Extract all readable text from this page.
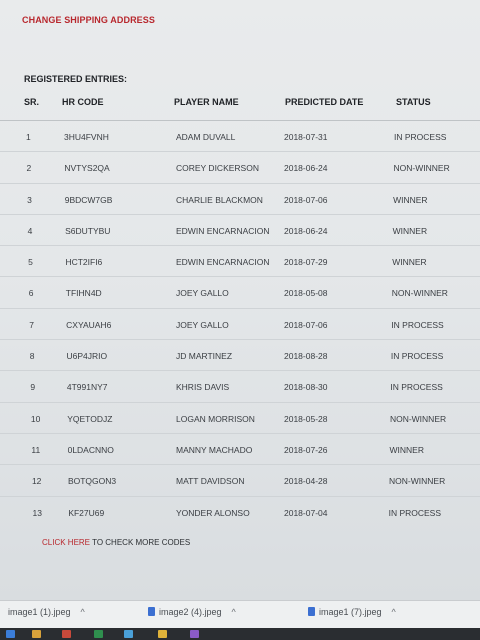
CHANGE SHIPPING ADDRESS
REGISTERED ENTRIES:
SR.	HR CODE	PLAYER NAME	PREDICTED DATE	STATUS
1	3HU4FVNH	ADAM DUVALL	2018-07-31	IN PROCESS
2	NVTYS2QA	COREY DICKERSON	2018-06-24	NON-WINNER
3	9BDCW7GB	CHARLIE BLACKMON 2018-07-06	WINNER
4	S6DUTYBU	EDWIN ENCARNACION 2018-06-24	WINNER
5	HCT2IFI6	EDWIN ENCARNACION 2018-07-29	WINNER
6	TFIHN4D	JOEY GALLO	2018-05-08	NON-WINNER
7	CXYAUAH6	JOEY GALLO	2018-07-06	IN PROCESS
8	U6P4JRIO	JD MARTINEZ	2018-08-28	IN PROCESS
9	4T991NY7	KHRIS DAVIS	2018-08-30	IN PROCESS
10	YQETODJZ	LOGAN MORRISON	2018-05-28	NON-WINNER
11	0LDACNNO	MANNY MACHADO	2018-07-26	WINNER
12	BOTQGON3	MATT DAVIDSON	2018-04-28	NON-WINNER
13	KF27U69	YONDER ALONSO	2018-07-04	IN PROCESS
CLICK HERE TO CHECK MORE CODES
image1 (1).jpeg ^	image2 (4).jpeg ^	image1 (7).jpeg ^
